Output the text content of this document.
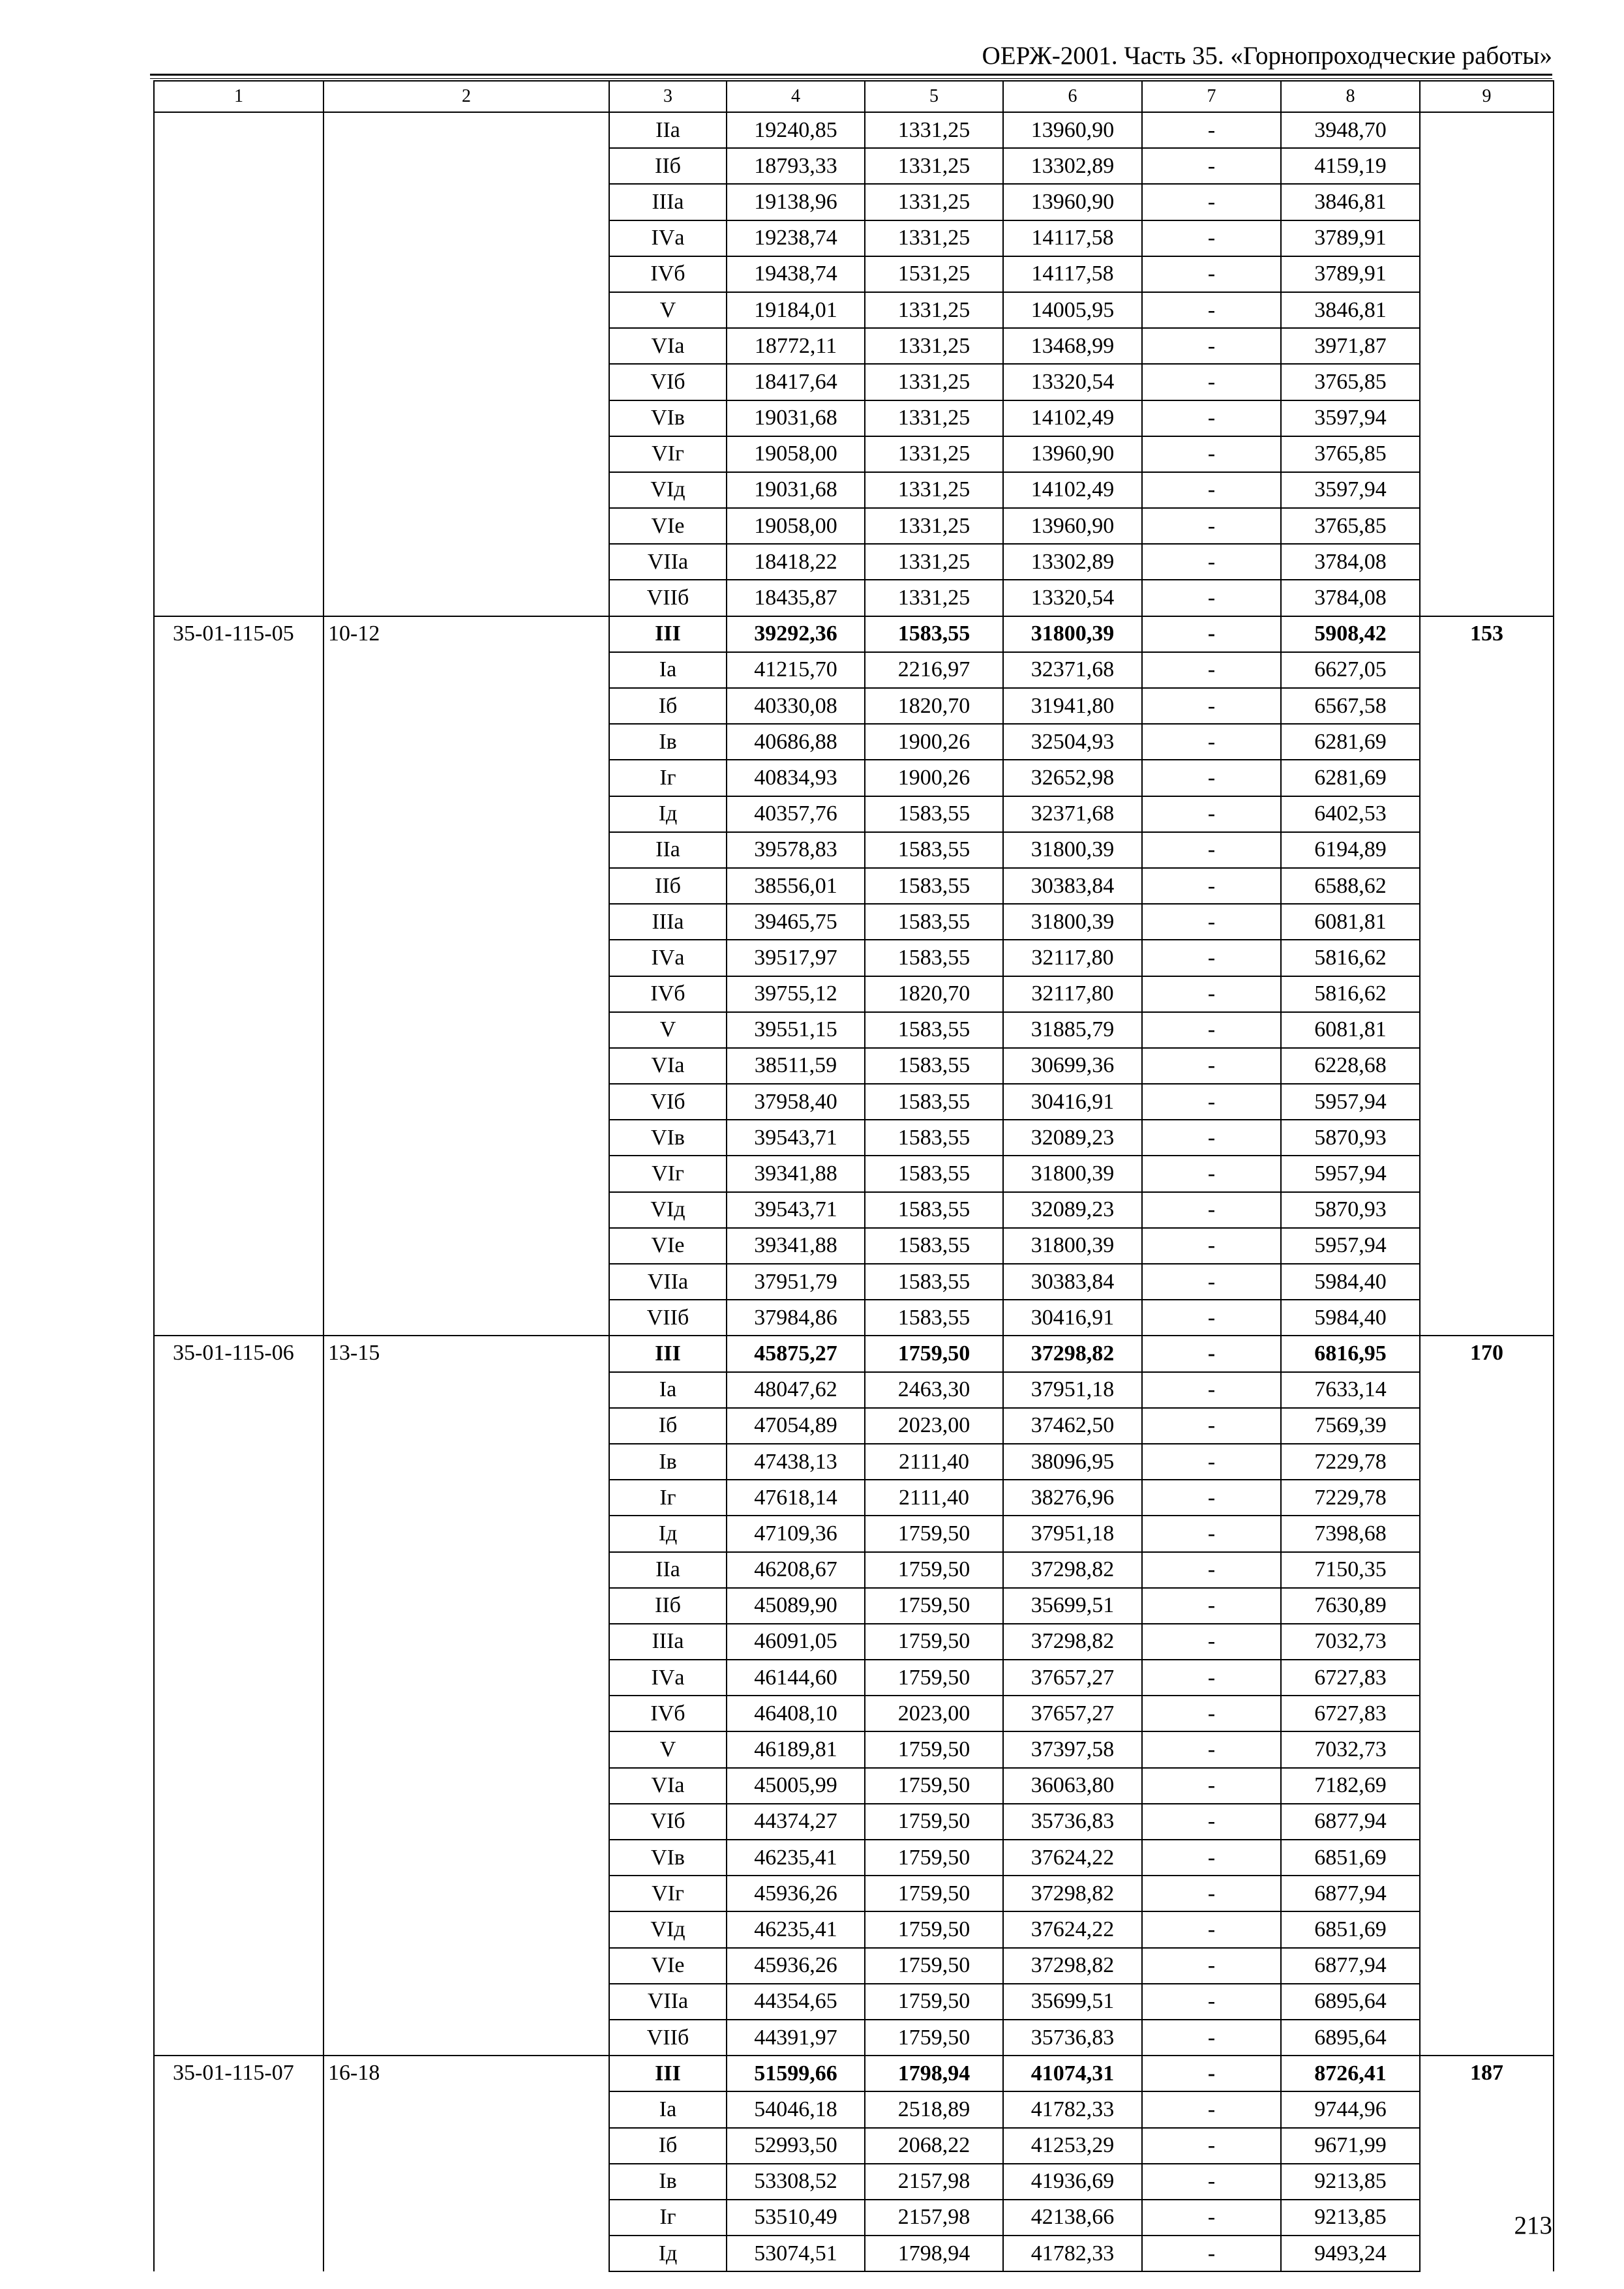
ОЕРЖ-2001. Часть 35. «Горнопроходческие работы»
1	2	3	4	5	6	7	8	9
		IIа	19240,85	1331,25	13960,90	-	3948,70	
		IIб	18793,33	1331,25	13302,89	-	4159,19	
		IIIа	19138,96	1331,25	13960,90	-	3846,81	
		IVа	19238,74	1331,25	14117,58	-	3789,91	
		IVб	19438,74	1531,25	14117,58	-	3789,91	
		V	19184,01	1331,25	14005,95	-	3846,81	
		VIа	18772,11	1331,25	13468,99	-	3971,87	
		VIб	18417,64	1331,25	13320,54	-	3765,85	
		VIв	19031,68	1331,25	14102,49	-	3597,94	
		VIг	19058,00	1331,25	13960,90	-	3765,85	
		VIд	19031,68	1331,25	14102,49	-	3597,94	
		VIе	19058,00	1331,25	13960,90	-	3765,85	
		VIIа	18418,22	1331,25	13302,89	-	3784,08	
		VIIб	18435,87	1331,25	13320,54	-	3784,08	
35-01-115-05	10-12	III	39292,36	1583,55	31800,39	-	5908,42	153
		Iа	41215,70	2216,97	32371,68	-	6627,05	
		Iб	40330,08	1820,70	31941,80	-	6567,58	
		Iв	40686,88	1900,26	32504,93	-	6281,69	
		Iг	40834,93	1900,26	32652,98	-	6281,69	
		Iд	40357,76	1583,55	32371,68	-	6402,53	
		IIа	39578,83	1583,55	31800,39	-	6194,89	
		IIб	38556,01	1583,55	30383,84	-	6588,62	
		IIIа	39465,75	1583,55	31800,39	-	6081,81	
		IVа	39517,97	1583,55	32117,80	-	5816,62	
		IVб	39755,12	1820,70	32117,80	-	5816,62	
		V	39551,15	1583,55	31885,79	-	6081,81	
		VIа	38511,59	1583,55	30699,36	-	6228,68	
		VIб	37958,40	1583,55	30416,91	-	5957,94	
		VIв	39543,71	1583,55	32089,23	-	5870,93	
		VIг	39341,88	1583,55	31800,39	-	5957,94	
		VIд	39543,71	1583,55	32089,23	-	5870,93	
		VIе	39341,88	1583,55	31800,39	-	5957,94	
		VIIа	37951,79	1583,55	30383,84	-	5984,40	
		VIIб	37984,86	1583,55	30416,91	-	5984,40	
35-01-115-06	13-15	III	45875,27	1759,50	37298,82	-	6816,95	170
		Iа	48047,62	2463,30	37951,18	-	7633,14	
		Iб	47054,89	2023,00	37462,50	-	7569,39	
		Iв	47438,13	2111,40	38096,95	-	7229,78	
		Iг	47618,14	2111,40	38276,96	-	7229,78	
		Iд	47109,36	1759,50	37951,18	-	7398,68	
		IIа	46208,67	1759,50	37298,82	-	7150,35	
		IIб	45089,90	1759,50	35699,51	-	7630,89	
		IIIа	46091,05	1759,50	37298,82	-	7032,73	
		IVа	46144,60	1759,50	37657,27	-	6727,83	
		IVб	46408,10	2023,00	37657,27	-	6727,83	
		V	46189,81	1759,50	37397,58	-	7032,73	
		VIа	45005,99	1759,50	36063,80	-	7182,69	
		VIб	44374,27	1759,50	35736,83	-	6877,94	
		VIв	46235,41	1759,50	37624,22	-	6851,69	
		VIг	45936,26	1759,50	37298,82	-	6877,94	
		VIд	46235,41	1759,50	37624,22	-	6851,69	
		VIе	45936,26	1759,50	37298,82	-	6877,94	
		VIIа	44354,65	1759,50	35699,51	-	6895,64	
		VIIб	44391,97	1759,50	35736,83	-	6895,64	
35-01-115-07	16-18	III	51599,66	1798,94	41074,31	-	8726,41	187
		Iа	54046,18	2518,89	41782,33	-	9744,96	
		Iб	52993,50	2068,22	41253,29	-	9671,99	
		Iв	53308,52	2157,98	41936,69	-	9213,85	
		Iг	53510,49	2157,98	42138,66	-	9213,85	
		Iд	53074,51	1798,94	41782,33	-	9493,24	
213
